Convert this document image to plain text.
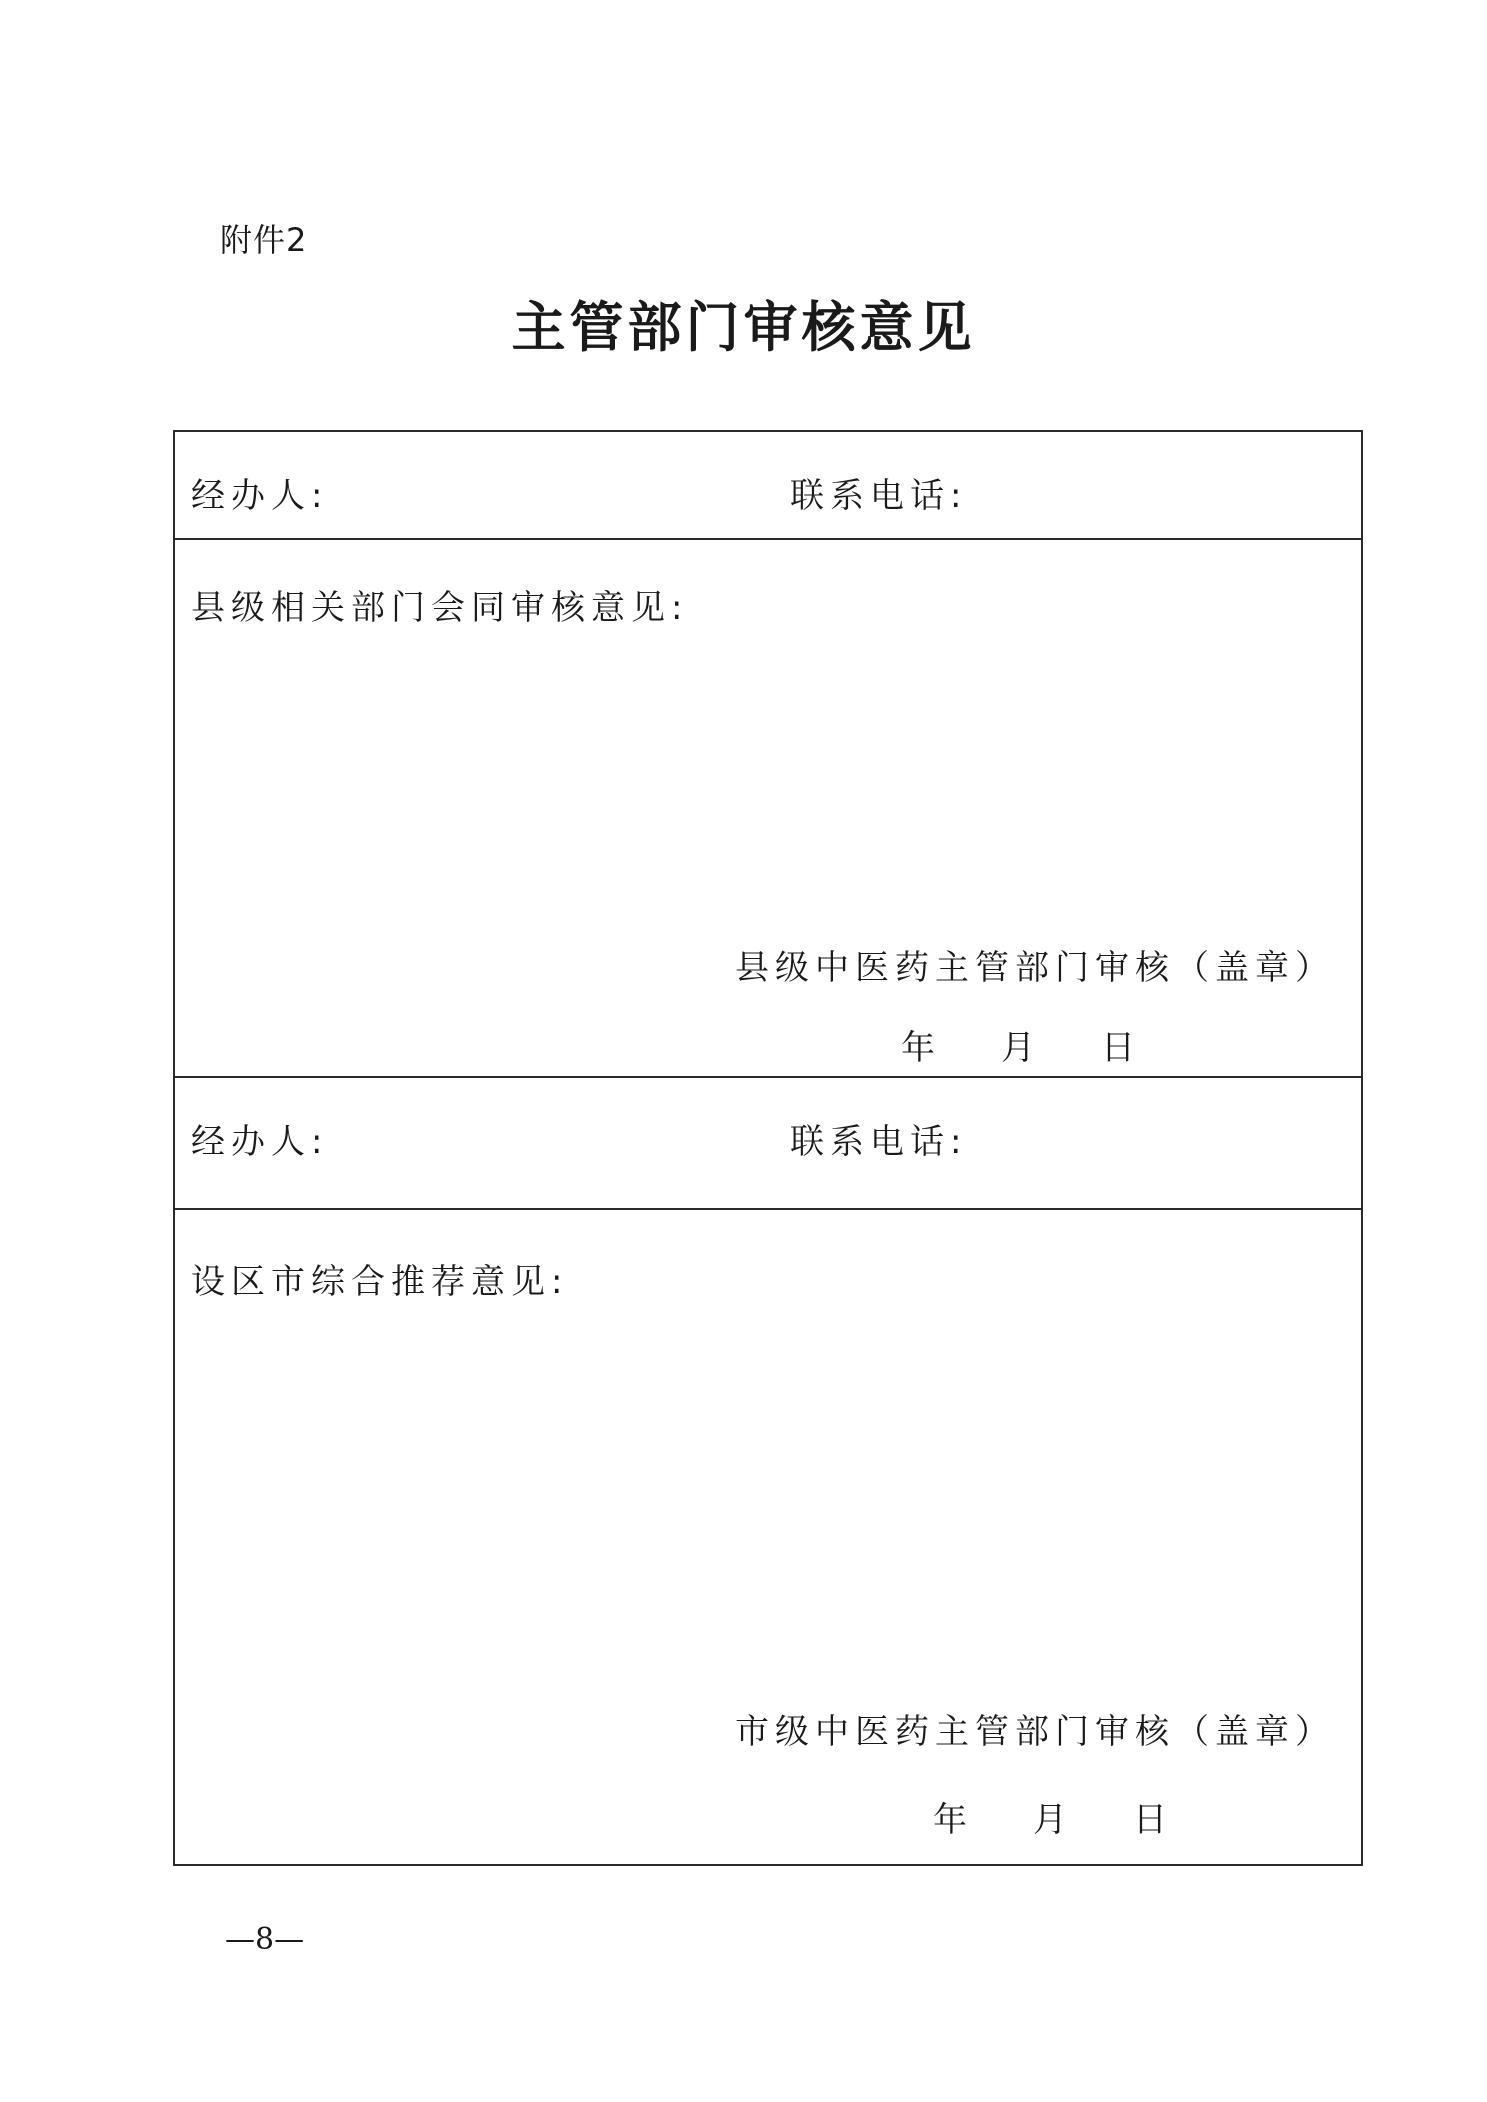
附件2
主管部门审核意见
经办人:	联系电话:
县级相关部门会同审核意见:
县级中医药主管部门审核（盖章）
年 月 日
经办人:	联系电话:
设区市综合推荐意见:
市级中医药主管部门审核（盖章）
年 月 日
—8—
